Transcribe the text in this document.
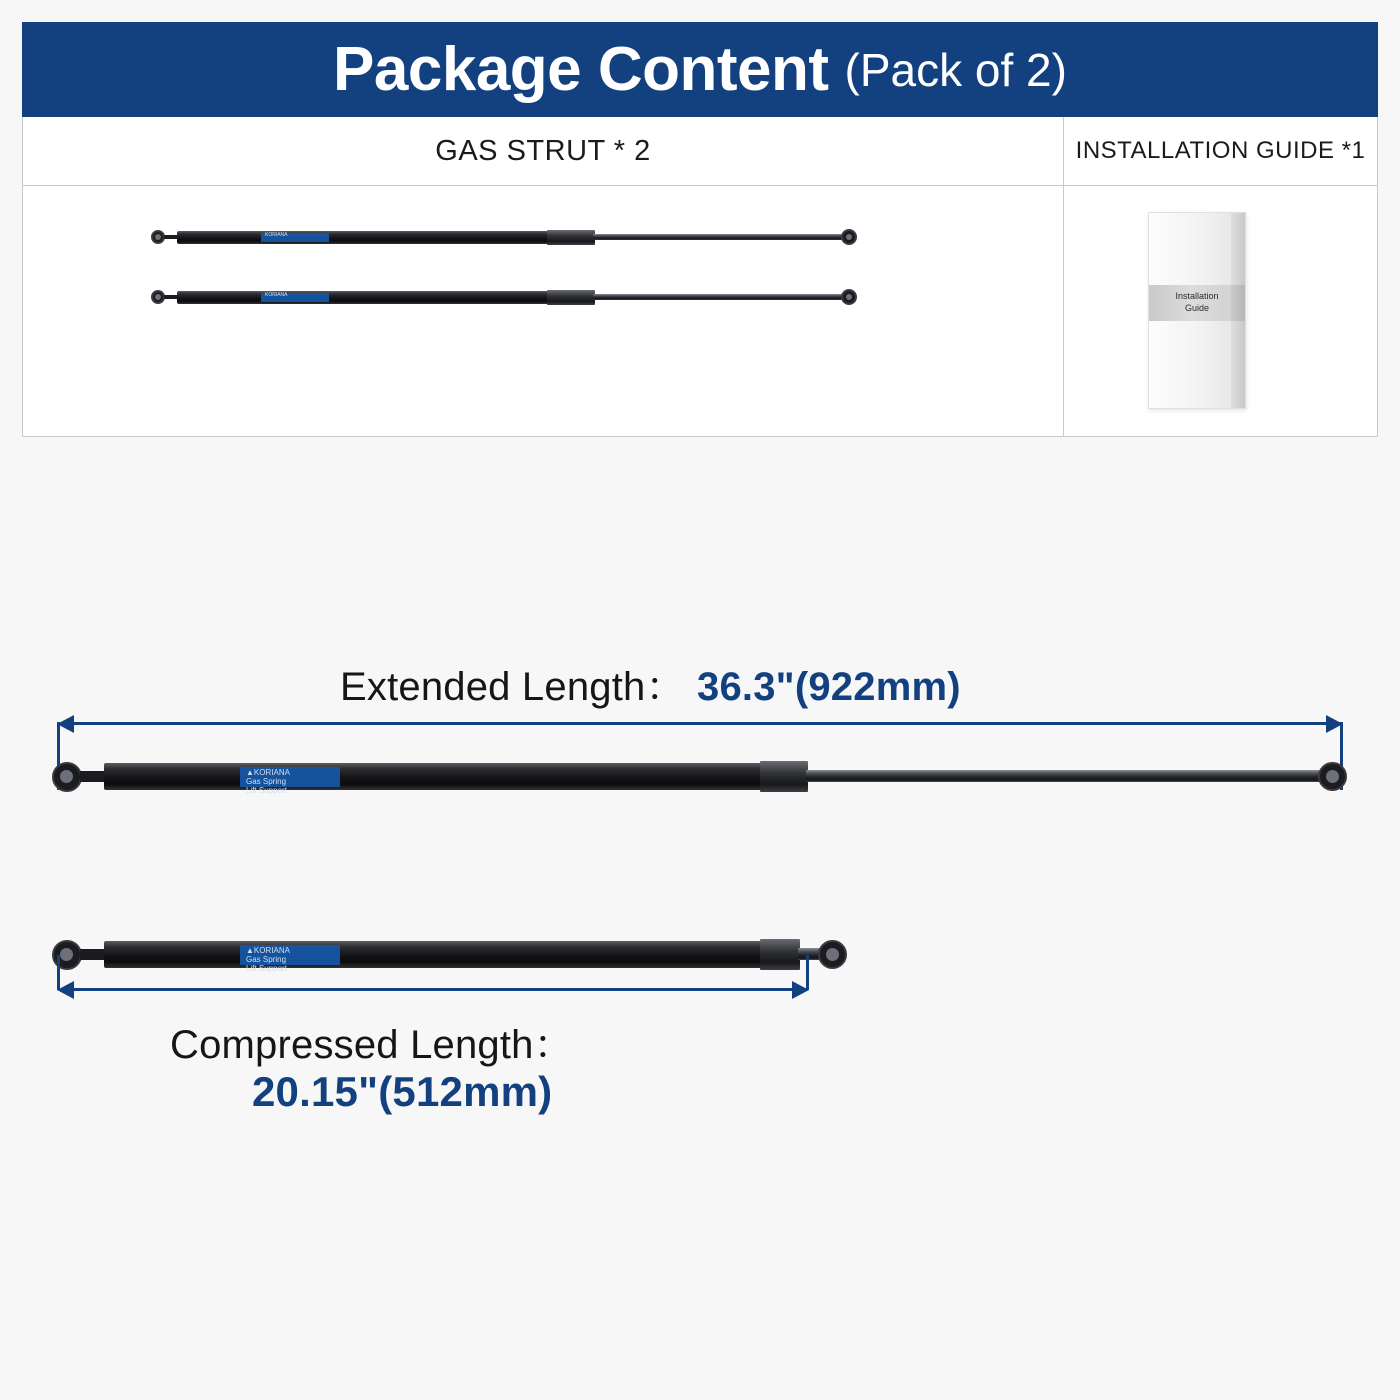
Package Content (Pack of 2)
GAS STRUT * 2	INSTALLATION GUIDE *1
KORIANA
KORIANA	Installation
Guide
Extended Length： 36.3"(922mm)
▲KORIANA
Gas Spring
Lift Support
▲KORIANA
Gas Spring
Lift Support
Compressed Length：
20.15"(512mm)
